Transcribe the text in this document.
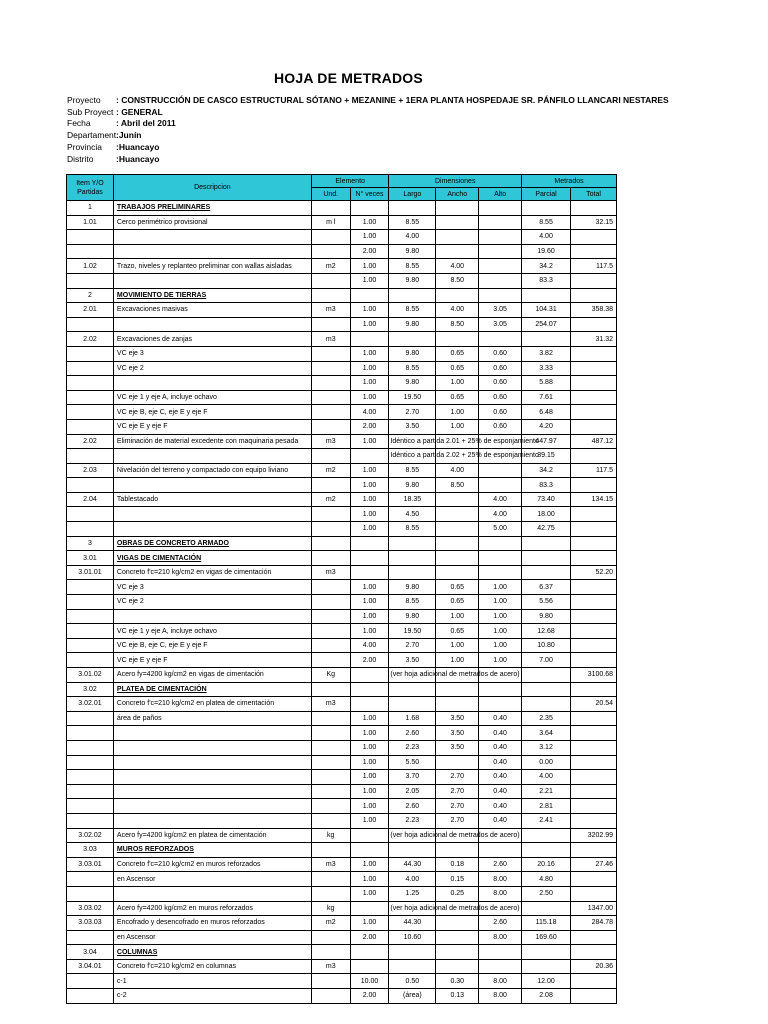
HOJA DE METRADOS
Proyecto	: CONSTRUCCIÓN DE CASCO ESTRUCTURAL SÓTANO + MEZANINE + 1ERA PLANTA HOSPEDAJE SR. PÁNFILO LLANCARI NESTARES
Sub Proyect : GENERAL
Fecha	: Abril del 2011
Departament :Junín
Provincia	:Huancayo
Distrito	:Huancayo
Item Y/O Partidas	Descripcion	Elemento		Dimensiones			Metrados	
		Und.	N° veces	Largo	Ancho	Alto	Parcial	Total
1	TRABAJOS PRELIMINARES							
1.01	Cerco perimétrico provisional	m l	1.00	8.55			8.55	32.15
			1.00	4.00			4.00	
			2.00	9.80			19.60	
1.02	Trazo, niveles y replanteo preliminar con wallas aisladas	m2	1.00	8.55	4.00		34.2	117.5
			1.00	9.80	8.50		83.3	
2	MOVIMIENTO DE TIERRAS							
2.01	Excavaciones masivas	m3	1.00	8.55	4.00	3.05	104.31	358.38
			1.00	9.80	8.50	3.05	254.07	
2.02	Excavaciones de zanjas	m3						31.32
	VC eje 3		1.00	9.80	0.65	0.60	3.82	
	VC eje 2		1.00	8.55	0.65	0.60	3.33	
			1.00	9.80	1.00	0.60	5.88	
	VC eje 1 y eje A, incluye ochavo		1.00	19.50	0.65	0.60	7.61	
	VC eje B, eje C, eje E y eje F		4.00	2.70	1.00	0.60	6.48	
	VC eje E y eje F		2.00	3.50	1.00	0.60	4.20	
2.02	Eliminación de material excedente con maquinaria pesada	m3	1.00	Idéntico a partida 2.01 + 25% de esponjamiento			447.97	487.12
				Idéntico a partida 2.02 + 25% de esponjamiento			39.15	
2.03	Nivelación del terreno y compactado con equipo liviano	m2	1.00	8.55	4.00		34.2	117.5
			1.00	9.80	8.50		83.3	
2.04	Tablestacado	m2	1.00	18.35		4.00	73.40	134.15
			1.00	4.50		4.00	18.00	
			1.00	8.55		5.00	42.75	
3	OBRAS DE CONCRETO ARMADO							
3.01	VIGAS DE CIMENTACIÓN							
3.01.01	Concreto f'c=210 kg/cm2 en vigas de cimentación	m3						52.20
	VC eje 3		1.00	9.80	0.65	1.00	6.37	
	VC eje 2		1.00	8.55	0.65	1.00	5.56	
			1.00	9.80	1.00	1.00	9.80	
	VC eje 1 y eje A, incluye ochavo		1.00	19.50	0.65	1.00	12.68	
	VC eje B, eje C, eje E y eje F		4.00	2.70	1.00	1.00	10.80	
	VC eje E y eje F		2.00	3.50	1.00	1.00	7.00	
3.01.02	Acero fy=4200 kg/cm2 en vigas de cimentación	Kg		(ver hoja adicional de metrados de acero)				3100.68
3.02	PLATEA DE CIMENTACIÓN							
3.02.01	Concreto f'c=210 kg/cm2 en platea de cimentación	m3						20.54
	área de paños		1.00	1.68	3.50	0.40	2.35	
			1.00	2.60	3.50	0.40	3.64	
			1.00	2.23	3.50	0.40	3.12	
			1.00	5.50		0.40	0.00	
			1.00	3.70	2.70	0.40	4.00	
			1.00	2.05	2.70	0.40	2.21	
			1.00	2.60	2.70	0.40	2.81	
			1.00	2.23	2.70	0.40	2.41	
3.02.02	Acero fy=4200 kg/cm2 en platea de cimentación	kg		(ver hoja adicional de metrados de acero)				3202.99
3.03	MUROS REFORZADOS							
3.03.01	Concreto f'c=210 kg/cm2 en muros reforzados	m3	1.00	44.30	0.18	2.60	20.16	27.46
	en Ascensor		1.00	4.00	0.15	8.00	4.80	
			1.00	1.25	0.25	8.00	2.50	
3.03.02	Acero fy=4200 kg/cm2 en muros reforzados	kg		(ver hoja adicional de metrados de acero)				1347.00
3.03.03	Encofrado y desencofrado en muros reforzados	m2	1.00	44.30		2.60	115.18	284.78
	en Ascensor		2.00	10.60		8.00	169.60	
3.04	COLUMNAS							
3.04.01	Concreto f'c=210 kg/cm2 en columnas	m3						20.36
	c-1		10.00	0.50	0.30	8.00	12.00	
	c-2		2.00	(área)	0.13	8.00	2.08	
